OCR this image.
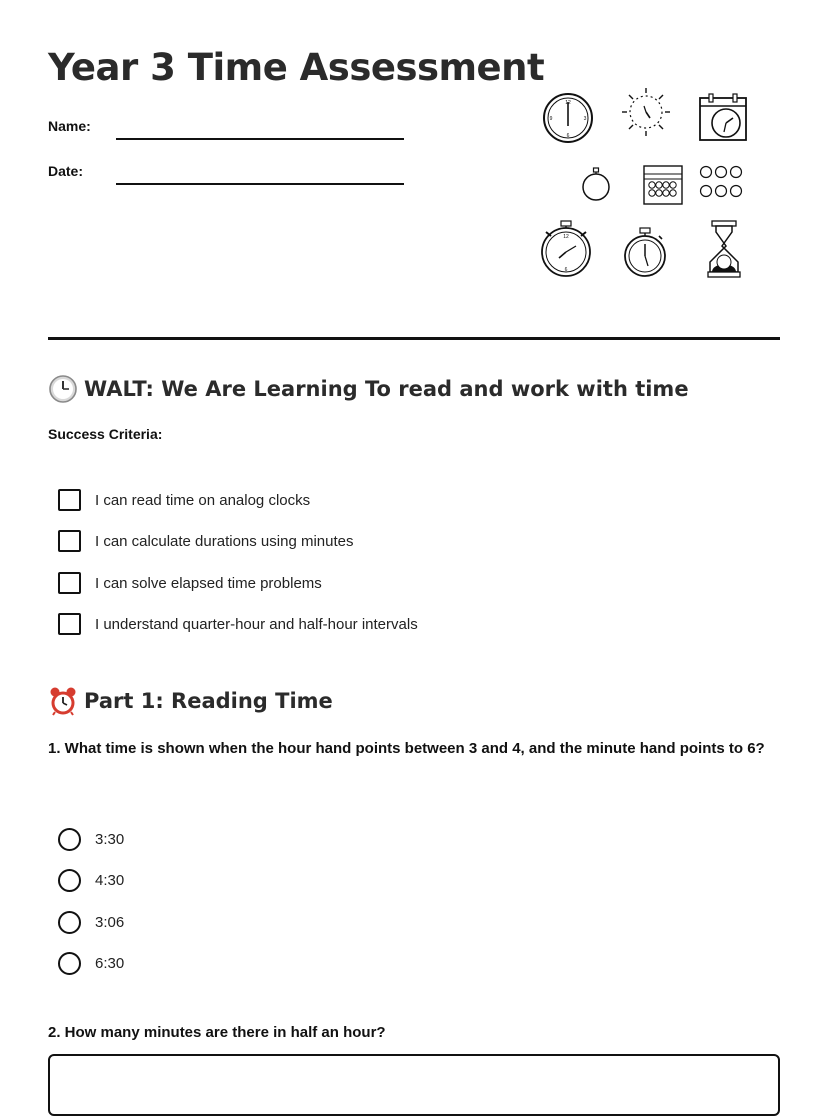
Year 3 Time Assessment
Name:
Date:
12
3
6
9
12
6
WALT: We Are Learning To read and work with time
Success Criteria:
I can read time on analog clocks
I can calculate durations using minutes
I can solve elapsed time problems
I understand quarter-hour and half-hour intervals
Part 1: Reading Time

1. What time is shown when the hour hand points between 3 and 4, and the minute hand points to 6?

3:30
4:30
3:06
6:30

2. How many minutes are there in half an hour?
